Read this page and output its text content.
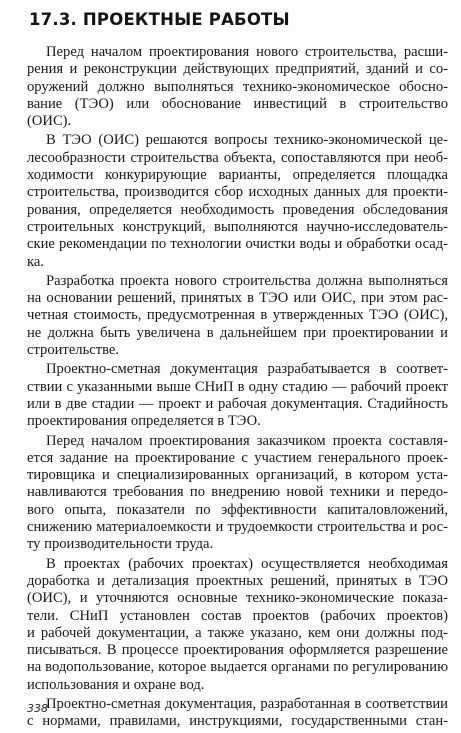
17.3. ПРОЕКТНЫЕ РАБОТЫ
Перед началом проектирования нового строительства, расши-
рения и реконструкции действующих предприятий, зданий и со-
оружений должно выполняться технико-экономическое обосно-
вание (ТЭО) или обоснование инвестиций в строительство
(ОИС).
В ТЭО (ОИС) решаются вопросы технико-экономической це-
лесообразности строительства объекта, сопоставляются при необ-
ходимости конкурирующие варианты, определяется площадка
строительства, производится сбор исходных данных для проекти-
рования, определяется необходимость проведения обследования
строительных конструкций, выполняются научно-исследователь-
ские рекомендации по технологии очистки воды и обработки осад-
ка.
Разработка проекта нового строительства должна выполняться
на основании решений, принятых в ТЭО или ОИС, при этом рас-
четная стоимость, предусмотренная в утвержденных ТЭО (ОИС),
не должна быть увеличена в дальнейшем при проектировании и
строительстве.
Проектно-сметная документация разрабатывается в соответ-
ствии с указанными выше СНиП в одну стадию — рабочий проект
или в две стадии — проект и рабочая документация. Стадийность
проектирования определяется в ТЭО.
Перед началом проектирования заказчиком проекта составля-
ется задание на проектирование с участием генерального проек-
тировщика и специализированных организаций, в котором уста-
навливаются требования по внедрению новой техники и передо-
вого опыта, показатели по эффективности капиталовложений,
снижению материалоемкости и трудоемкости строительства и рос-
ту производительности труда.
В проектах (рабочих проектах) осуществляется необходимая
доработка и детализация проектных решений, принятых в ТЭО
(ОИС), и уточняются основные технико-экономические показа-
тели. СНиП установлен состав проектов (рабочих проектов)
и рабочей документации, а также указано, кем они должны под-
писываться. В процессе проектирования оформляется разрешение
на водопользование, которое выдается органами по регулированию
использования и охране вод.
Проектно-сметная документация, разработанная в соответствии
с нормами, правилами, инструкциями, государственными стан-
338
